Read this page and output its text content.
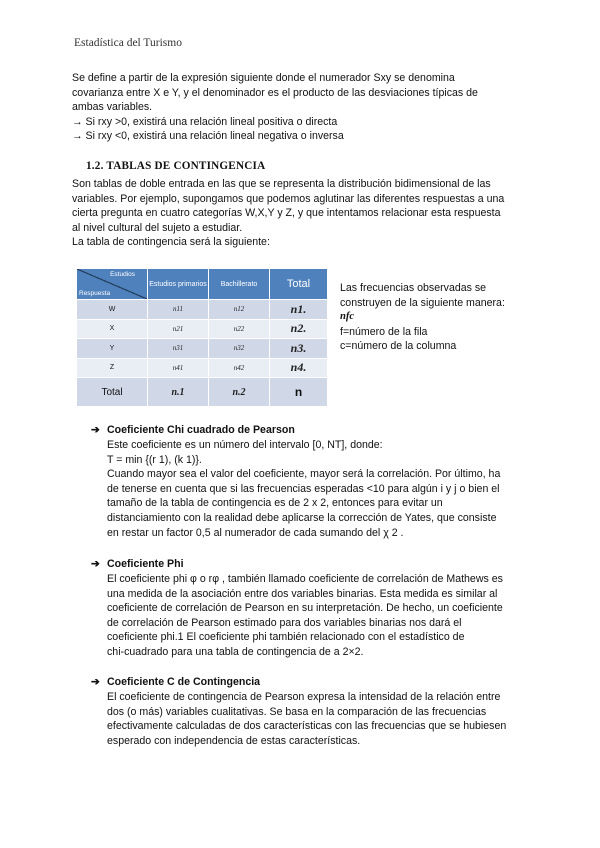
Estadística del Turismo
Se define a partir de la expresión siguiente donde el numerador Sxy se denomina
covarianza entre X e Y, y el denominador es el producto de las desviaciones típicas de
ambas variables.
→ Si rxy >0, existirá una relación lineal positiva o directa
→ Si rxy <0, existirá una relación lineal negativa o inversa
1.2. TABLAS DE CONTINGENCIA
Son tablas de doble entrada en las que se representa la distribución bidimensional de las
variables. Por ejemplo, supongamos que podemos aglutinar las diferentes respuestas a una
cierta pregunta en cuatro categorías W,X,Y y Z, y que intentamos relacionar esta respuesta
al nivel cultural del sujeto a estudiar.
La tabla de contingencia será la siguiente:
Estudios
Respuesta	Estudios primarios	Bachillerato	Total
W	n11	n12	n1.
X	n21	n22	n2.
Y	n31	n32	n3.
Z	n41	n42	n4.
Total	n.1	n.2	n
Las frecuencias observadas se
construyen de la siguiente manera:
nfc
f=número de la fila
c=número de la columna
➔ Coeficiente Chi cuadrado de Pearson
Este coeficiente es un número del intervalo [0, NT], donde:
T = min {(r 1), (k 1)}.
Cuando mayor sea el valor del coeficiente, mayor será la correlación. Por último, ha
de tenerse en cuenta que si las frecuencias esperadas <10 para algún i y j o bien el
tamaño de la tabla de contingencia es de 2 x 2, entonces para evitar un
distanciamiento con la realidad debe aplicarse la corrección de Yates, que consiste
en restar un factor 0,5 al numerador de cada sumando del χ 2 .
➔ Coeficiente Phi
El coeficiente phi φ o rφ , también llamado coeficiente de correlación de Mathews es
una medida de la asociación entre dos variables binarias. Esta medida es similar al
coeficiente de correlación de Pearson en su interpretación. De hecho, un coeficiente
de correlación de Pearson estimado para dos variables binarias nos dará el
coeficiente phi.1 El coeficiente phi también relacionado con el estadístico de
chi-cuadrado para una tabla de contingencia de a 2×2.
➔ Coeficiente C de Contingencia
El coeficiente de contingencia de Pearson expresa la intensidad de la relación entre
dos (o más) variables cualitativas. Se basa en la comparación de las frecuencias
efectivamente calculadas de dos características con las frecuencias que se hubiesen
esperado con independencia de estas características.
